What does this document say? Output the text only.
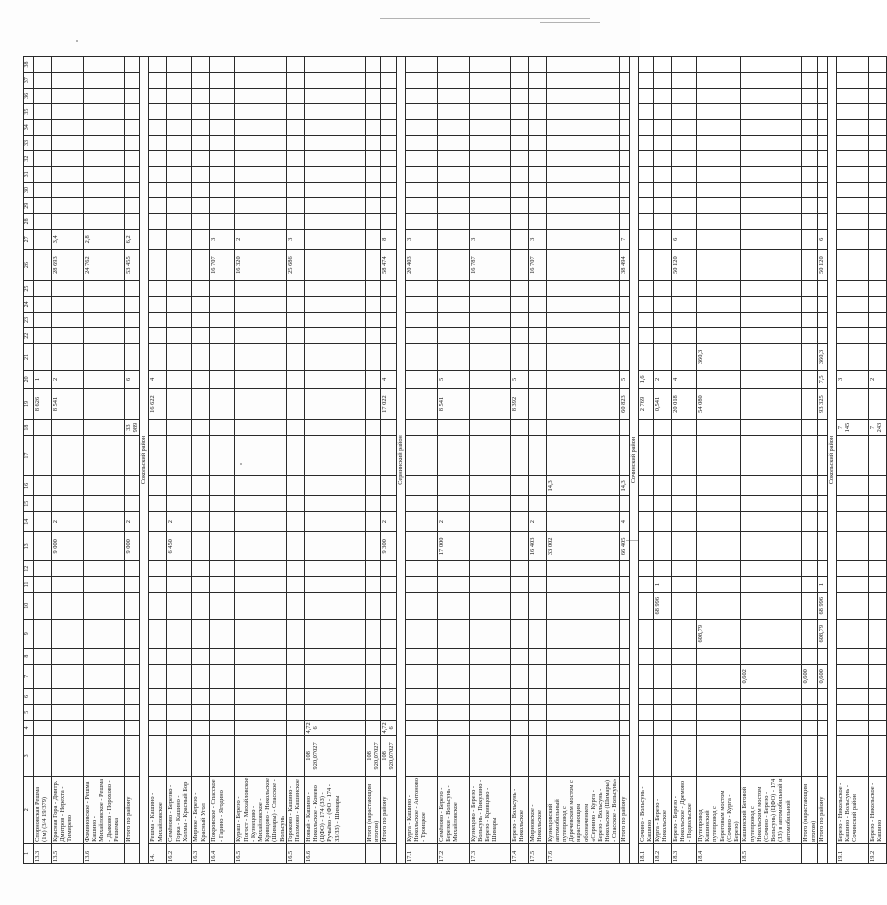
1	2	3	4	5	6	7	8	9	10	11	12	13	14	15	16	17	18	19	20	21	22	23	24	25	26	27	28	29	30	31	32	33	34	35	36	37	38
13.3	Спорновская Решма (1м) (3/4 19/379)																	8 626	1																		
13.5	Красная Гора - Дмитр. Дмитров - Нерехта - Тимирево											9 000	2					8 541	2						28 693	3,4											
13.6	Фоминовское - Решма Кашино - Михайловское - Решма - Дьяково - Порохово - Решемка																								24 762	2,8											
	Итого по району											9 000	2				33 989		6						53 455	6,2											
Сокольский район																																					
14.	Решма - Кашино - Михайловское																	16 622	4																		
16.2	Семёново - Березко - Горка - Кашино - Холмы - Красный Бор											6 450	2																								
16.3	Мирное - Березо - Красный Угол																																				
16.4	Покровское - Спасское - Гарино - Ягодино																								16 707	3											
16.5	Кураш - Березо - Погост - Михайловское - Кузнецово - Михайловское - Кривцово - Никольское (Шимары) - Спасское - Вольсунь																								16 320	2											
16.5	Гороково - Кашино - Пахомово - Кашинское																								25 686	3											
16.6	Новый - Кашино - Никольское - Конево (ЦФО) - 174 (ЗЗ) - Ручьёво - (ФО - 174 - ЗЗ/ЗЗ) - Шимары	108 920,07027	4,726																																		
	Итого (нарастающим итогом)	108 920,07027																																			
	Итого по району	108 920,07027	4,726									9 300	2					17 022	4						58 474	8											
Сернинский район																																					
17.1	Курга - Кашино - Никольское - Антоново - Троицкое																								20 403	3											
17.2	Семёново - Березо - Березки - Вольсунь - Михайловское											17 000	2					8 541	5																		
17.3	Кузнецово - Березо - Вольсунь - Пикулино - Березо - Кривцово - Шимары																								16 787	3											
17.4	Березо - Вольсунь - Никольское																	8 392	5																		
17.5	Мирновское - Никольское											16 403	2												16 707	3											
17.6	Кузнецовский автомобильный путепровод с Деречевским мостом с нарастающим обозначением «Сернино - Курга - Березо - Вольсунь - Никольское (Шимары) - Спасское - Вольсунь»											33 002			14,3																						
	Итого по району											66 405	4		14,3			60 823	5						38 494	7											
Сочинский район																																					
18.1	Сочино - Вольсунь - Кашино																	2 769	1,6																		
18.2	Курга - Березо - Никольское								68 996	1								0,541	2																		
18.3	Березо - Березо - Никольское - Дремово - Подвольское																	20 018	4						50 120	6											
18.4	Путепровод Кашинский путепровод с Береговым мостом (Сочино - Курга - Березо)							608,79										54 080		360,3																	
18.5	Кашинский Беговой путепровод с Никольским мостом (Сочино - Березо - Вольсунь) (ЦФО) - 174 (ЗЗ) в автомобильной и автомобильной					0,602																															
	Итого (нарастающим итогом)					0,600																															
	Итого по району					0,600		608,79	68 996	1								93 325	7,5	360,3					50 120	6											
Сокольский район																																					
19.1	Березо - Никольское - Кашино - Вольсунь - Сочинский район																7 145		3																		
19.2	Березо - Никольское - Кашино																7 243		2																		
